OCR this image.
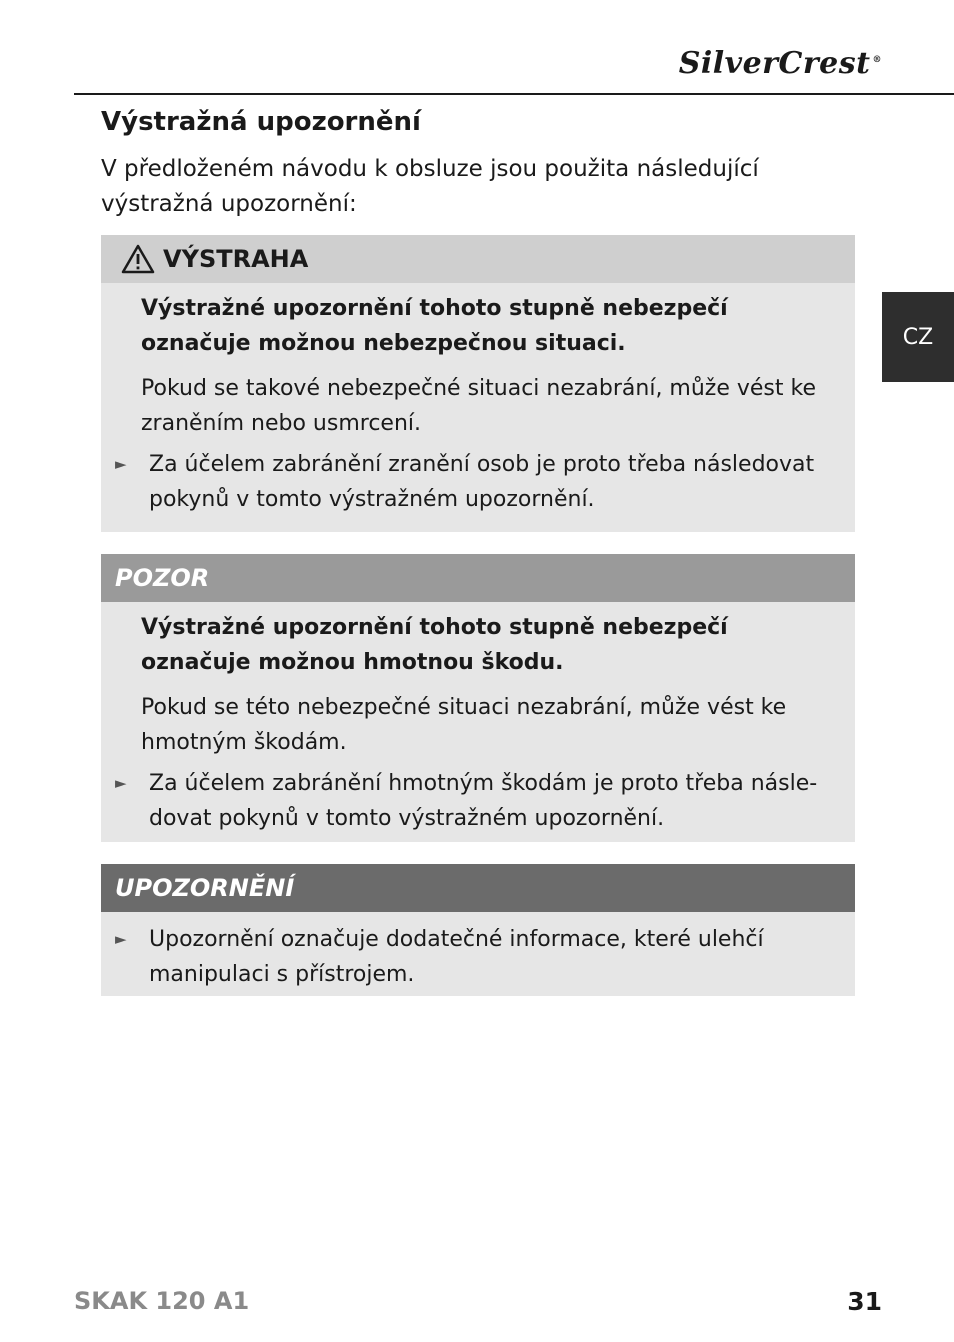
SilverCrest ®
Výstražná upozornění

V předloženém návodu k obsluze jsou použita následující výstražná upozornění:

VÝSTRAHA

Výstražné upozornění tohoto stupně nebezpečí označuje možnou nebezpečnou situaci.

Pokud se takové nebezpečné situaci nezabrání, může vést ke zraněním nebo usmrcení.

►	Za účelem zabránění zranění osob je proto třeba následovat pokynů v tomto výstražném upozornění.
POZOR

Výstražné upozornění tohoto stupně nebezpečí označuje možnou hmotnou škodu.

Pokud se této nebezpečné situaci nezabrání, může vést ke hmotným škodám.

►	Za účelem zabránění hmotným škodám je proto třeba násle-dovat pokynů v tomto výstražném upozornění.
UPOZORNĚNÍ
►	Upozornění označuje dodatečné informace, které ulehčí manipulaci s přístrojem.
CZ
SKAK 120 A1	31
